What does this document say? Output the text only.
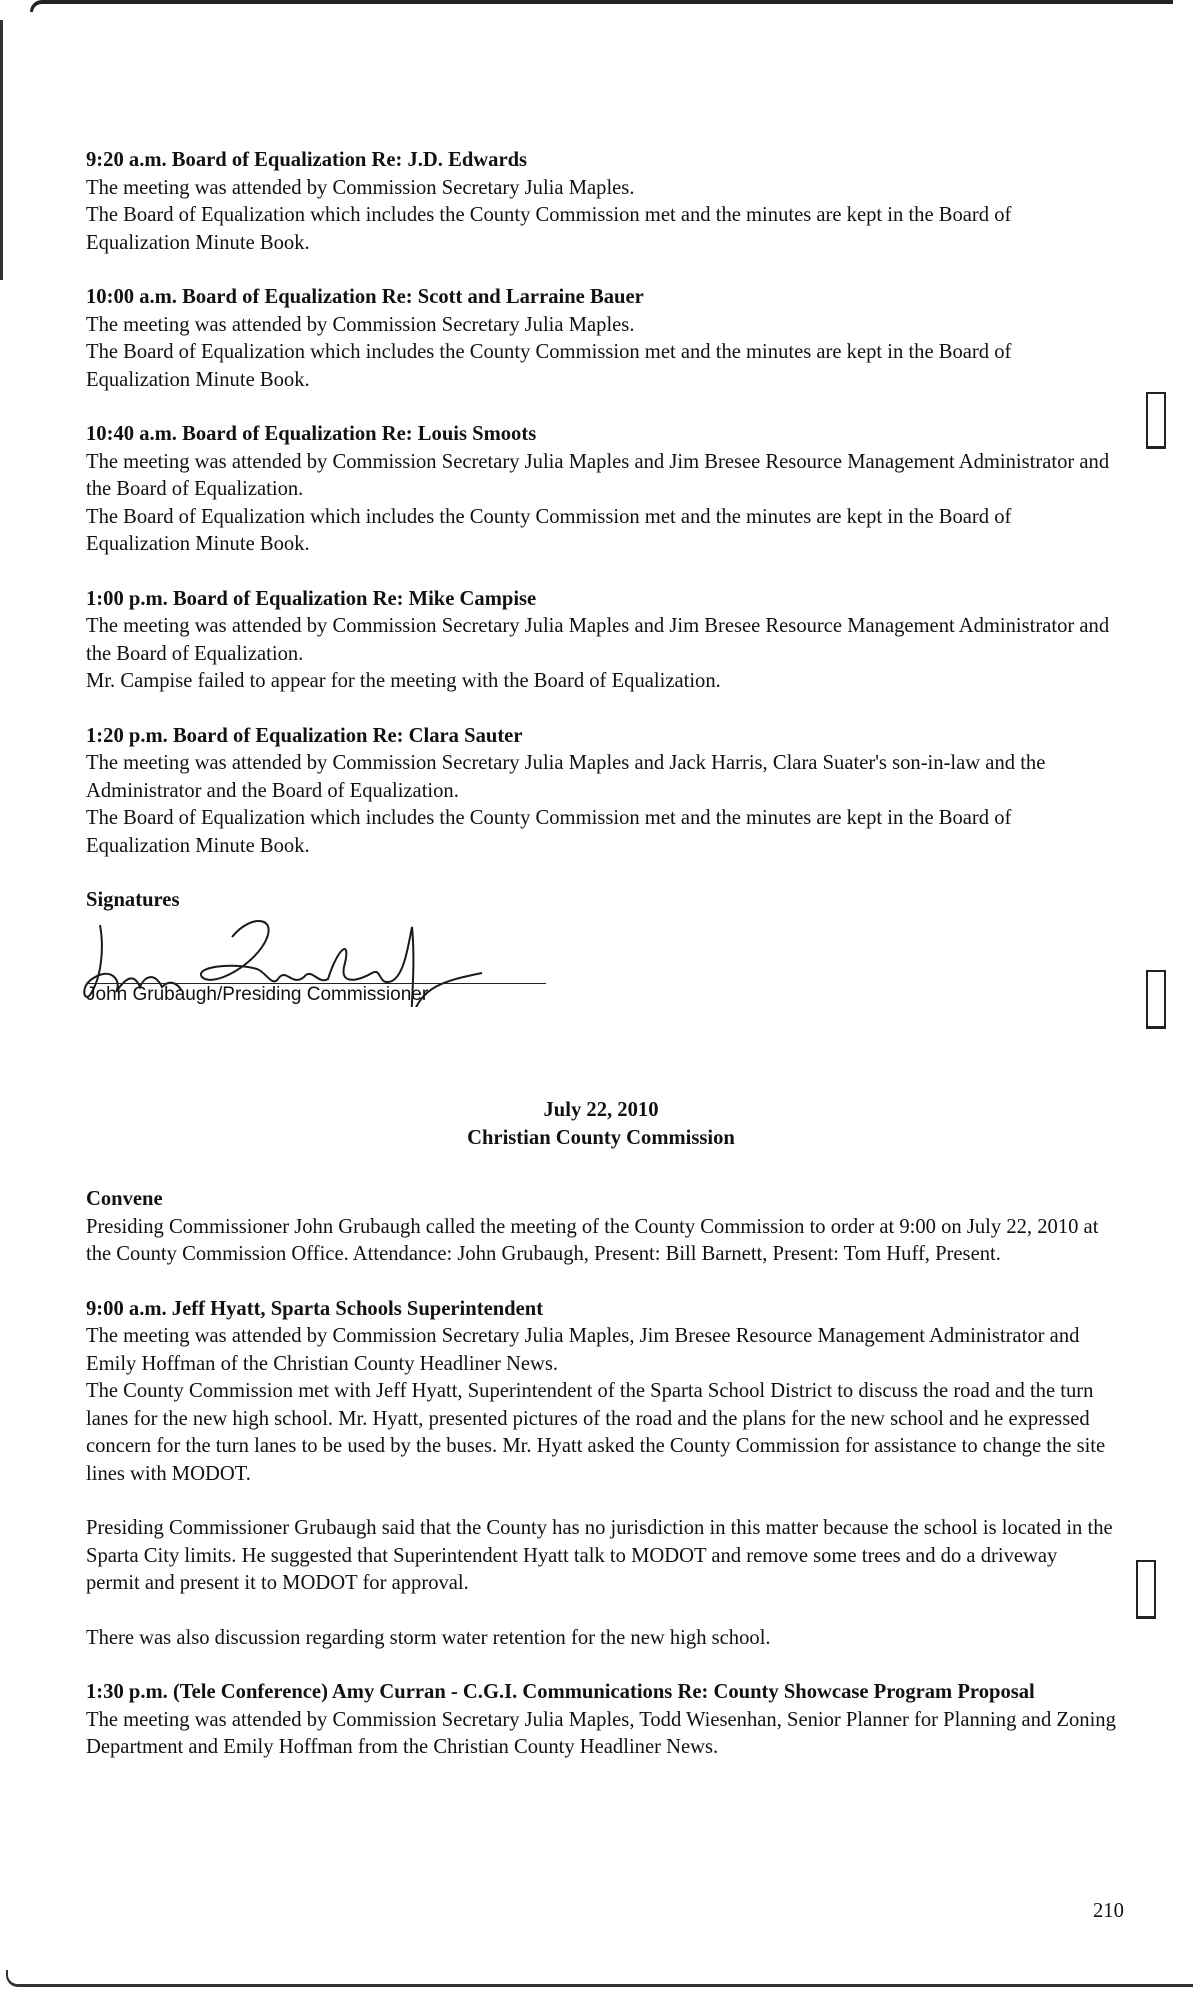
9:20 a.m. Board of Equalization Re: J.D. Edwards

The meeting was attended by Commission Secretary Julia Maples.

The Board of Equalization which includes the County Commission met and the minutes are kept in the Board of Equalization Minute Book.

10:00 a.m. Board of Equalization Re: Scott and Larraine Bauer

The meeting was attended by Commission Secretary Julia Maples.

The Board of Equalization which includes the County Commission met and the minutes are kept in the Board of Equalization Minute Book.

10:40 a.m. Board of Equalization Re: Louis Smoots

The meeting was attended by Commission Secretary Julia Maples and Jim Bresee Resource Management Administrator and the Board of Equalization.

The Board of Equalization which includes the County Commission met and the minutes are kept in the Board of Equalization Minute Book.

1:00 p.m. Board of Equalization Re: Mike Campise

The meeting was attended by Commission Secretary Julia Maples and Jim Bresee Resource Management Administrator and the Board of Equalization.

Mr. Campise failed to appear for the meeting with the Board of Equalization.

1:20 p.m. Board of Equalization Re: Clara Sauter

The meeting was attended by Commission Secretary Julia Maples and Jack Harris, Clara Suater's son-in-law and the Administrator and the Board of Equalization.

The Board of Equalization which includes the County Commission met and the minutes are kept in the Board of Equalization Minute Book.

Signatures
John Grubaugh/Presiding Commissioner
July 22, 2010
Christian County Commission
Convene

Presiding Commissioner John Grubaugh called the meeting of the County Commission to order at 9:00 on July 22, 2010 at the County Commission Office. Attendance: John Grubaugh, Present: Bill Barnett, Present: Tom Huff, Present.

9:00 a.m. Jeff Hyatt, Sparta Schools Superintendent

The meeting was attended by Commission Secretary Julia Maples, Jim Bresee Resource Management Administrator and Emily Hoffman of the Christian County Headliner News.

The County Commission met with Jeff Hyatt, Superintendent of the Sparta School District to discuss the road and the turn lanes for the new high school. Mr. Hyatt, presented pictures of the road and the plans for the new school and he expressed concern for the turn lanes to be used by the buses. Mr. Hyatt asked the County Commission for assistance to change the site lines with MODOT.

Presiding Commissioner Grubaugh said that the County has no jurisdiction in this matter because the school is located in the Sparta City limits. He suggested that Superintendent Hyatt talk to MODOT and remove some trees and do a driveway permit and present it to MODOT for approval.

There was also discussion regarding storm water retention for the new high school.

1:30 p.m. (Tele Conference) Amy Curran - C.G.I. Communications Re: County Showcase Program Proposal

The meeting was attended by Commission Secretary Julia Maples, Todd Wiesenhan, Senior Planner for Planning and Zoning Department and Emily Hoffman from the Christian County Headliner News.

210
